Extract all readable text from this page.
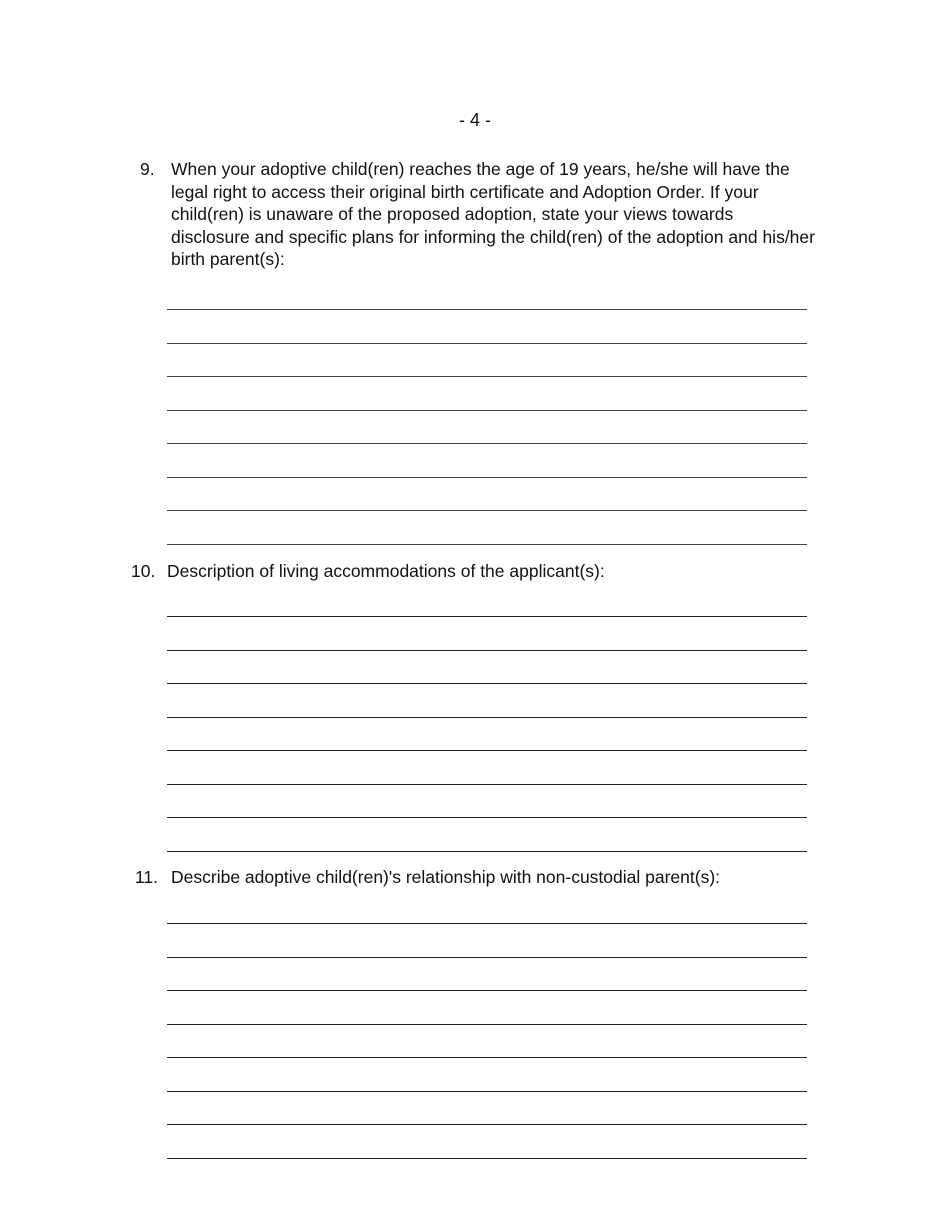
- 4 -
9. When your adoptive child(ren) reaches the age of 19 years, he/she will have the legal right to access their original birth certificate and Adoption Order. If your child(ren) is unaware of the proposed adoption, state your views towards disclosure and specific plans for informing the child(ren) of the adoption and his/her birth parent(s):
10. Description of living accommodations of the applicant(s):
11. Describe adoptive child(ren)'s relationship with non-custodial parent(s):
